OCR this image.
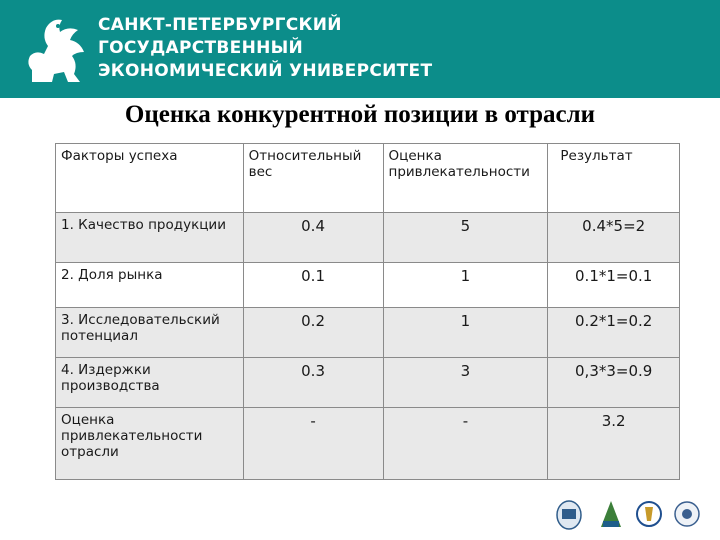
САНКТ-ПЕТЕРБУРГСКИЙ
ГОСУДАРСТВЕННЫЙ
ЭКОНОМИЧЕСКИЙ УНИВЕРСИТЕТ
Оценка конкурентной позиции в отрасли
Факторы успеха	Относительный вес	Оценка привлекательности	Результат
1. Качество продукции	0.4	5	0.4*5=2
2. Доля рынка	0.1	1	0.1*1=0.1
3. Исследовательский потенциал	0.2	1	0.2*1=0.2
4. Издержки производства	0.3	3	0,3*3=0.9
Оценка привлекательности отрасли	-	-	3.2
